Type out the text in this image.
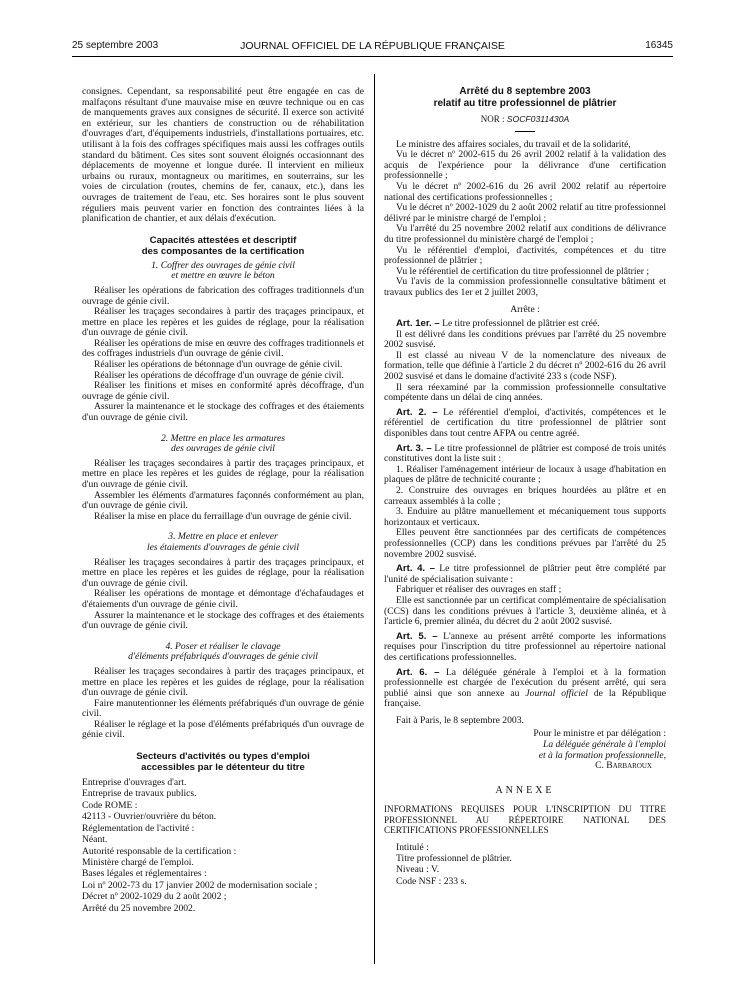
25 septembre 2003	JOURNAL OFFICIEL DE LA RÉPUBLIQUE FRANÇAISE	16345

consignes. Cependant, sa responsabilité peut être engagée en cas de malfaçons résultant d'une mauvaise mise en œuvre technique ou en cas de manquements graves aux consignes de sécurité. Il exerce son activité en extérieur, sur les chantiers de construction ou de réhabilitation d'ouvrages d'art, d'équipements industriels, d'installations portuaires, etc. utilisant à la fois des coffrages spécifiques mais aussi les coffrages outils standard du bâtiment. Ces sites sont souvent éloignés occasionnant des déplacements de moyenne et longue durée. Il intervient en milieux urbains ou ruraux, montagneux ou maritimes, en souterrains, sur les voies de circulation (routes, chemins de fer, canaux, etc.), dans les ouvrages de traitement de l'eau, etc. Ses horaires sont le plus souvent réguliers mais peuvent varier en fonction des contraintes liées à la planification de chantier, et aux délais d'exécution.

Capacités attestées et descriptif
des composantes de la certification
1. Coffrer des ouvrages de génie civil
et mettre en œuvre le béton

Réaliser les opérations de fabrication des coffrages traditionnels d'un ouvrage de génie civil.

Réaliser les traçages secondaires à partir des traçages principaux, et mettre en place les repères et les guides de réglage, pour la réalisation d'un ouvrage de génie civil.

Réaliser les opérations de mise en œuvre des coffrages traditionnels et des coffrages industriels d'un ouvrage de génie civil.

Réaliser les opérations de bétonnage d'un ouvrage de génie civil.

Réaliser les opérations de décoffrage d'un ouvrage de génie civil.

Réaliser les finitions et mises en conformité après décoffrage, d'un ouvrage de génie civil.

Assurer la maintenance et le stockage des coffrages et des étaiements d'un ouvrage de génie civil.

2. Mettre en place les armatures
des ouvrages de génie civil

Réaliser les traçages secondaires à partir des traçages principaux, et mettre en place les repères et les guides de réglage, pour la réalisation d'un ouvrage de génie civil.

Assembler les éléments d'armatures façonnés conformément au plan, d'un ouvrage de génie civil.

Réaliser la mise en place du ferraillage d'un ouvrage de génie civil.

3. Mettre en place et enlever
les étaiements d'ouvrages de génie civil

Réaliser les traçages secondaires à partir des traçages principaux, et mettre en place les repères et les guides de réglage, pour la réalisation d'un ouvrage de génie civil.

Réaliser les opérations de montage et démontage d'échafaudages et d'étaiements d'un ouvrage de génie civil.

Assurer la maintenance et le stockage des coffrages et des étaiements d'un ouvrage de génie civil.

4. Poser et réaliser le clavage
d'éléments préfabriqués d'ouvrages de génie civil

Réaliser les traçages secondaires à partir des traçages principaux, et mettre en place les repères et les guides de réglage, pour la réalisation d'un ouvrage de génie civil.

Faire manutentionner les éléments préfabriqués d'un ouvrage de génie civil.

Réaliser le réglage et la pose d'éléments préfabriqués d'un ouvrage de génie civil.

Secteurs d'activités ou types d'emploi
accessibles par le détenteur du titre

Entreprise d'ouvrages d'art.

Entreprise de travaux publics.

Code ROME :

42113 - Ouvrier/ouvrière du béton.

Réglementation de l'activité :

Néant.

Autorité responsable de la certification :

Ministère chargé de l'emploi.

Bases légales et réglementaires :

Loi nº 2002-73 du 17 janvier 2002 de modernisation sociale ;

Décret nº 2002-1029 du 2 août 2002 ;

Arrêté du 25 novembre 2002.

Arrêté du 8 septembre 2003
relatif au titre professionnel de plâtrier
NOR : SOCF0311430A

Le ministre des affaires sociales, du travail et de la solidarité,

Vu le décret nº 2002-615 du 26 avril 2002 relatif à la validation des acquis de l'expérience pour la délivrance d'une certification professionnelle ;

Vu le décret nº 2002-616 du 26 avril 2002 relatif au répertoire national des certifications professionnelles ;

Vu le décret nº 2002-1029 du 2 août 2002 relatif au titre professionnel délivré par le ministre chargé de l'emploi ;

Vu l'arrêté du 25 novembre 2002 relatif aux conditions de délivrance du titre professionnel du ministère chargé de l'emploi ;

Vu le référentiel d'emploi, d'activités, compétences et du titre professionnel de plâtrier ;

Vu le référentiel de certification du titre professionnel de plâtrier ;

Vu l'avis de la commission professionnelle consultative bâtiment et travaux publics des 1er et 2 juillet 2003,

Arrête :

Art. 1er. – Le titre professionnel de plâtrier est créé.

Il est délivré dans les conditions prévues par l'arrêté du 25 novembre 2002 susvisé.

Il est classé au niveau V de la nomenclature des niveaux de formation, telle que définie à l'article 2 du décret nº 2002-616 du 26 avril 2002 susvisé et dans le domaine d'activité 233 s (code NSF).

Il sera réexaminé par la commission professionnelle consultative compétente dans un délai de cinq années.

Art. 2. – Le référentiel d'emploi, d'activités, compétences et le référentiel de certification du titre professionnel de plâtrier sont disponibles dans tout centre AFPA ou centre agréé.

Art. 3. – Le titre professionnel de plâtrier est composé de trois unités constitutives dont la liste suit :

1. Réaliser l'aménagement intérieur de locaux à usage d'habitation en plaques de plâtre de technicité courante ;

2. Construire des ouvrages en briques hourdées au plâtre et en carreaux assemblés à la colle ;

3. Enduire au plâtre manuellement et mécaniquement tous supports horizontaux et verticaux.

Elles peuvent être sanctionnées par des certificats de compétences professionnelles (CCP) dans les conditions prévues par l'arrêté du 25 novembre 2002 susvisé.

Art. 4. – Le titre professionnel de plâtrier peut être complété par l'unité de spécialisation suivante :

Fabriquer et réaliser des ouvrages en staff ;

Elle est sanctionnée par un certificat complémentaire de spécialisation (CCS) dans les conditions prévues à l'article 3, deuxième alinéa, et à l'article 6, premier alinéa, du décret du 2 août 2002 susvisé.

Art. 5. – L'annexe au présent arrêté comporte les informations requises pour l'inscription du titre professionnel au répertoire national des certifications professionnelles.

Art. 6. – La déléguée générale à l'emploi et à la formation professionnelle est chargée de l'exécution du présent arrêté, qui sera publié ainsi que son annexe au Journal officiel de la République française.

Fait à Paris, le 8 septembre 2003.

Pour le ministre et par délégation :

La déléguée générale à l'emploi

et à la formation professionnelle,

C. Barbaroux

ANNEXE

INFORMATIONS REQUISES POUR L'INSCRIPTION DU TITRE PROFESSIONNEL AU RÉPERTOIRE NATIONAL DES CERTIFICATIONS PROFESSIONNELLES

Intitulé :

Titre professionnel de plâtrier.

Niveau : V.

Code NSF : 233 s.
